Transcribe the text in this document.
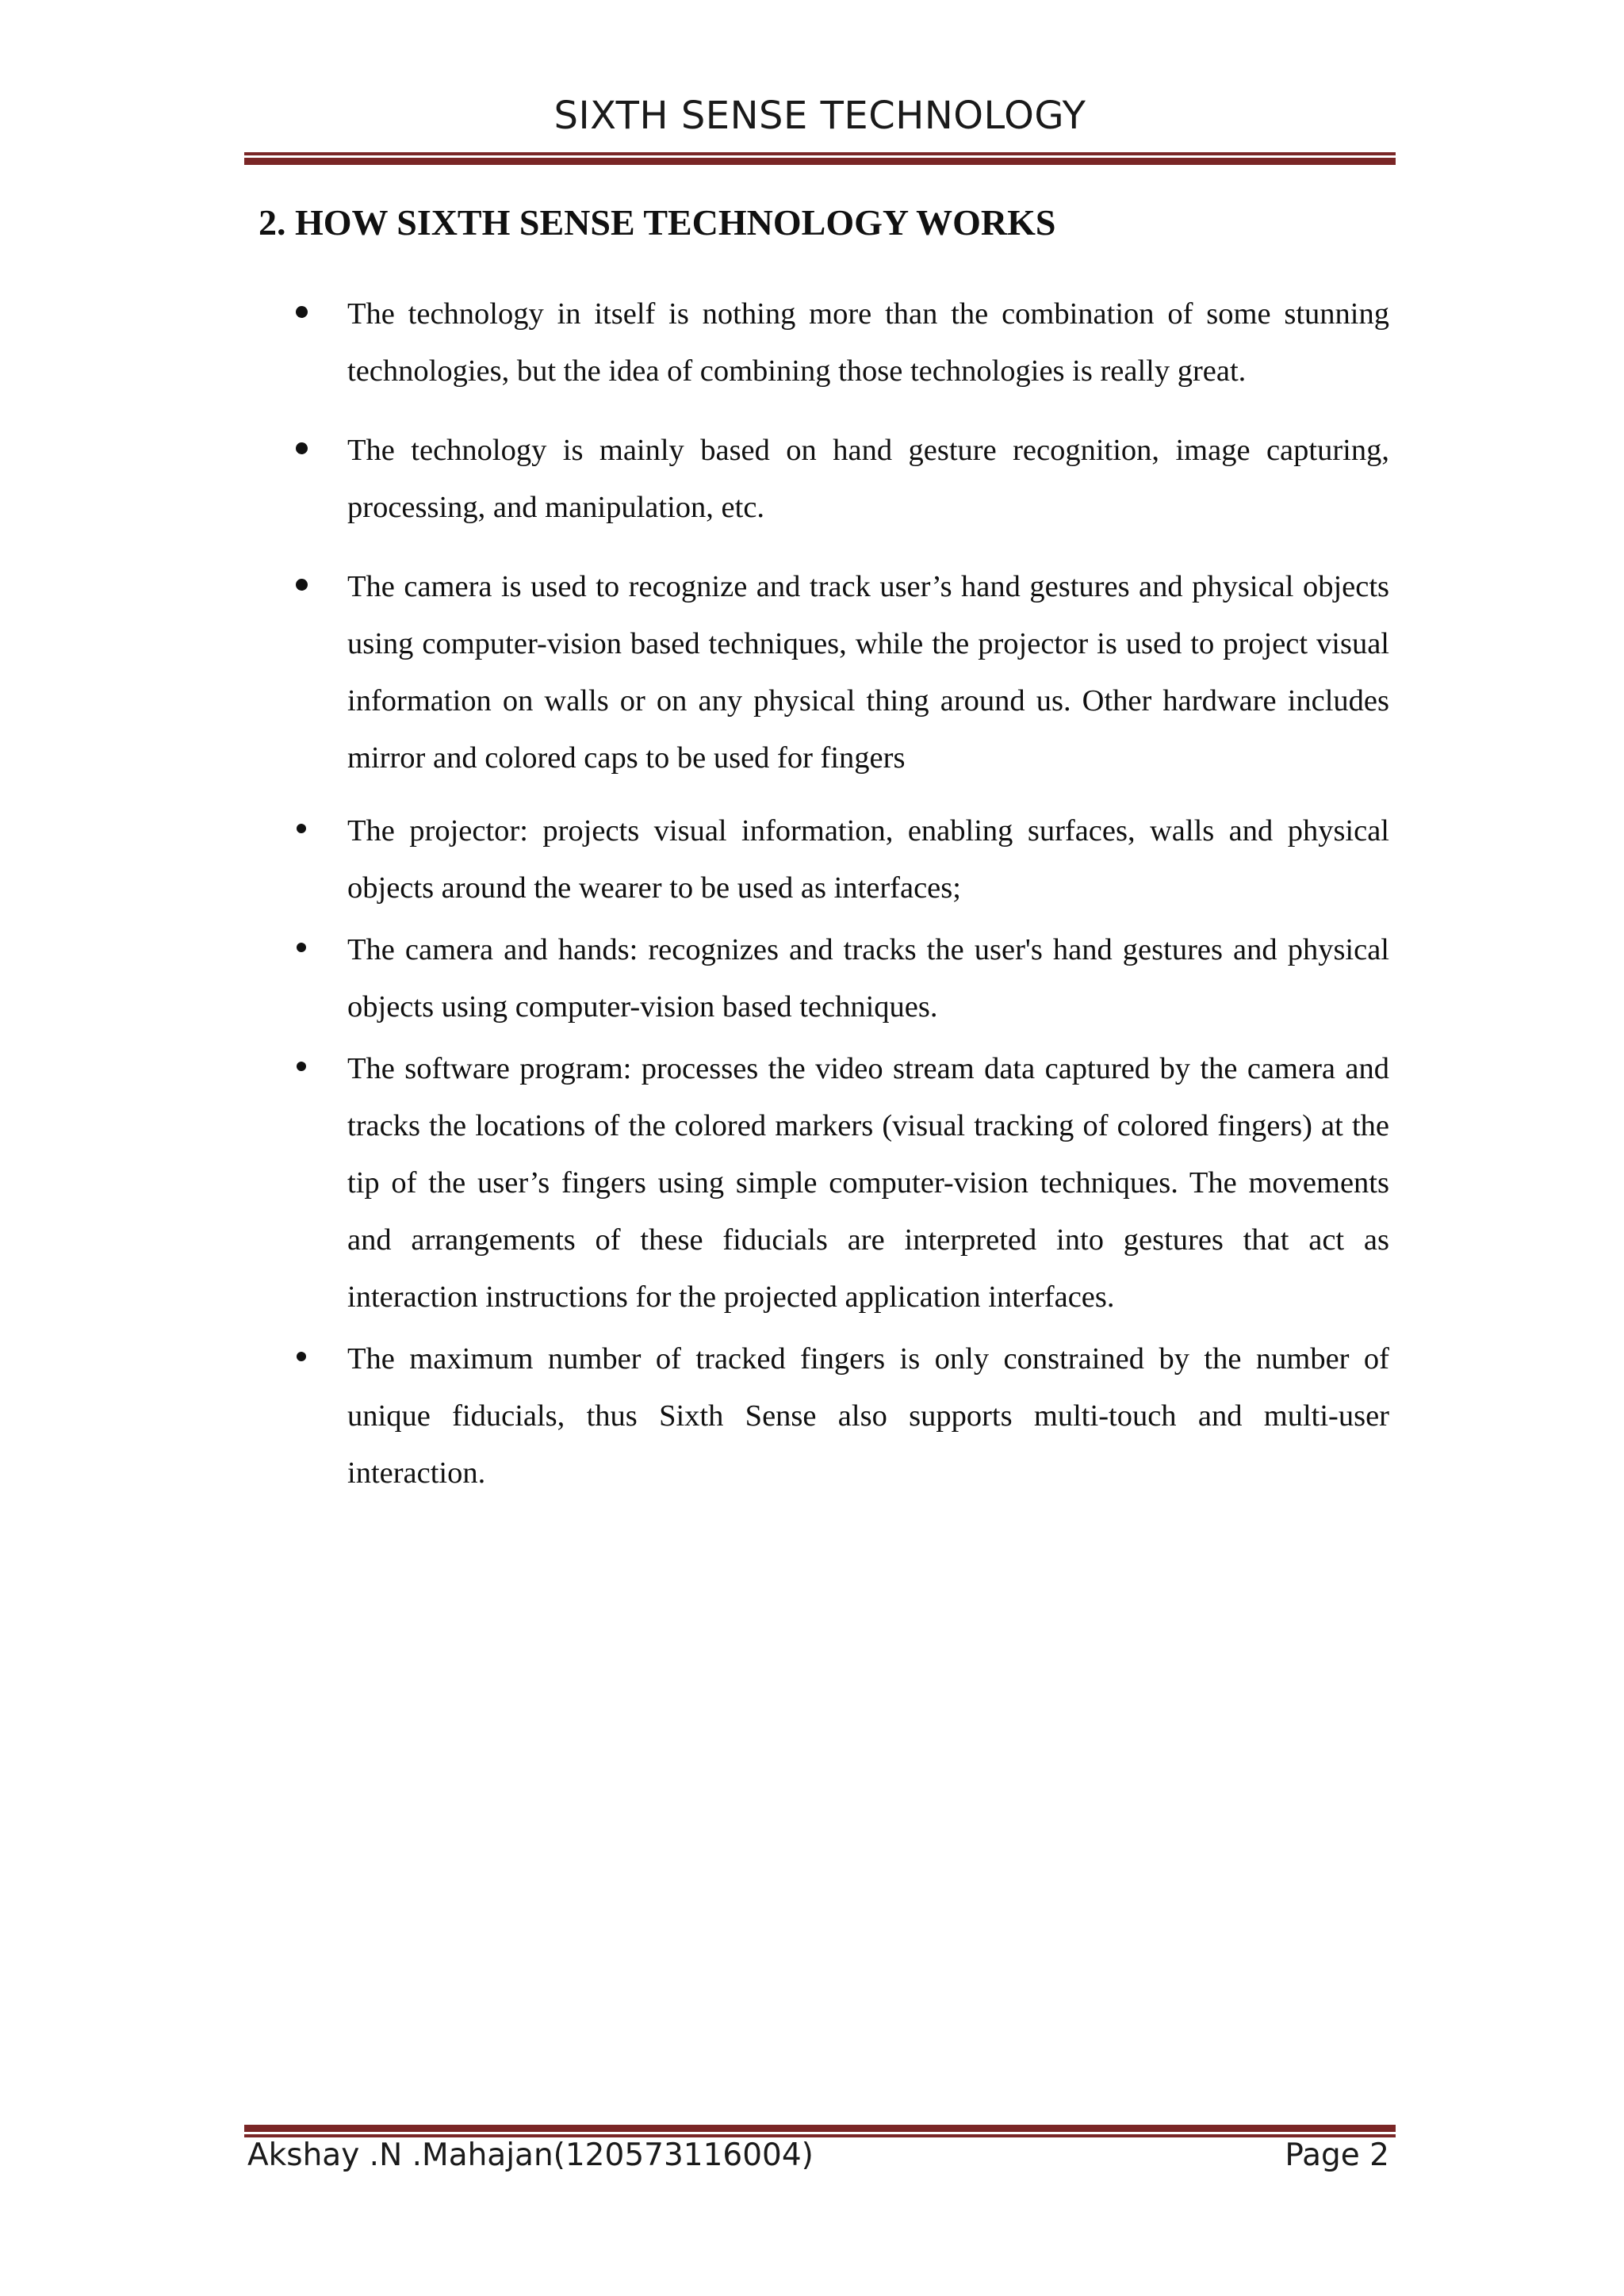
SIXTH SENSE TECHNOLOGY
2. HOW SIXTH SENSE TECHNOLOGY WORKS
The technology in itself is nothing more than the combination of some stunning technologies, but the idea of combining those technologies is really great.
The technology is mainly based on hand gesture recognition, image capturing, processing, and manipulation, etc.
The camera is used to recognize and track user’s hand gestures and physical objects using computer-vision based techniques, while the projector is used to project visual information on walls or on any physical thing around us. Other hardware includes mirror and colored caps to be used for fingers
The projector: projects visual information, enabling surfaces, walls and physical objects around the wearer to be used as interfaces;
The camera and hands: recognizes and tracks the user's hand gestures and physical objects using computer-vision based techniques.
The software program: processes the video stream data captured by the camera and tracks the locations of the colored markers (visual tracking of colored fingers) at the tip of the user’s fingers using simple computer-vision techniques. The movements and arrangements of these fiducials are interpreted into gestures that act as interaction instructions for the projected application interfaces.
The maximum number of tracked fingers is only constrained by the number of unique fiducials, thus Sixth Sense also supports multi-touch and multi-user interaction.
Akshay .N .Mahajan(120573116004)	Page 2
